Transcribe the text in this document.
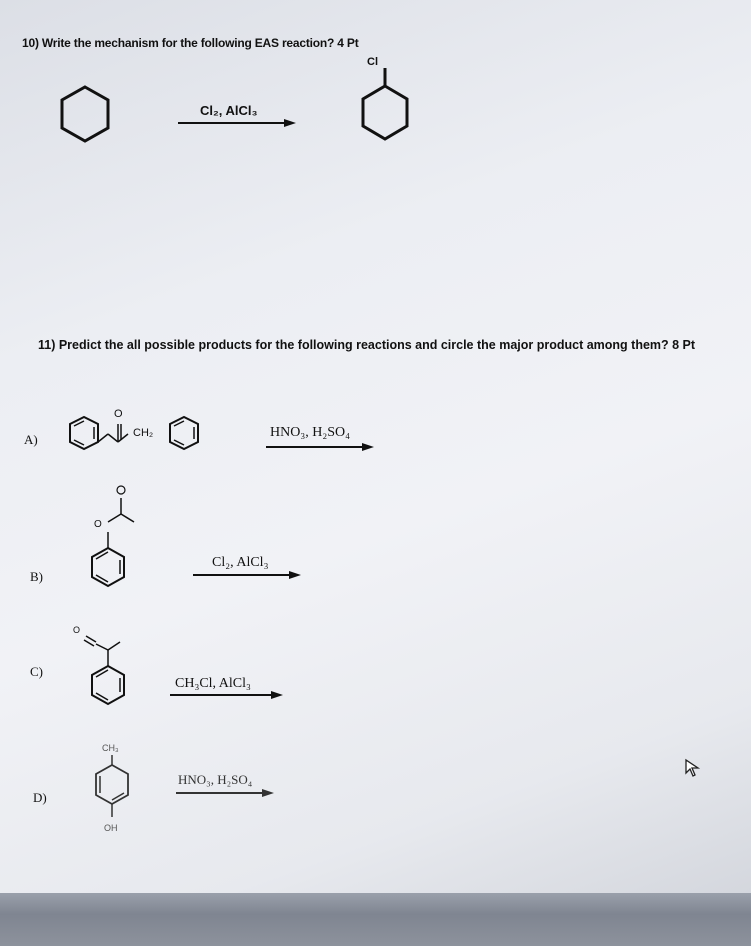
10) Write the mechanism for the following EAS reaction? 4 Pt
Cl₂, AlCl₃
Cl
11) Predict the all possible products for the following reactions and circle the major product among them? 8 Pt
A)
O
CH₂	HNO₃, H₂SO₄
B)
O
Cl₂, AlCl₃
C)
O
CH₃Cl, AlCl₃
D)
CH₃
OH
HNO₃, H₂SO₄
